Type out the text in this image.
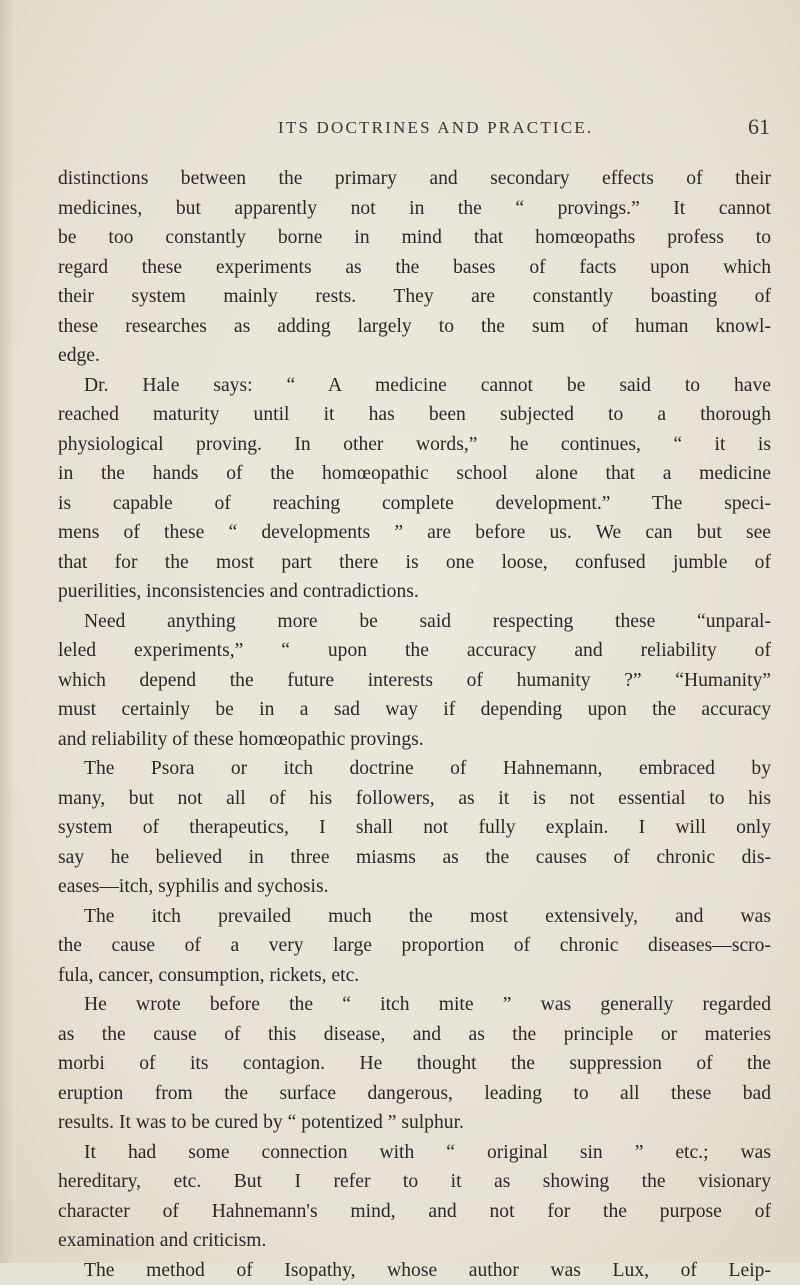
ITS DOCTRINES AND PRACTICE.	61
distinctions between the primary and secondary effects of their
medicines, but apparently not in the “ provings.” It cannot
be too constantly borne in mind that homœopaths profess to
regard these experiments as the bases of facts upon which
their system mainly rests. They are constantly boasting of
these researches as adding largely to the sum of human knowl-
edge.
Dr. Hale says: “ A medicine cannot be said to have
reached maturity until it has been subjected to a thorough
physiological proving. In other words,” he continues, “ it is
in the hands of the homœopathic school alone that a medicine
is capable of reaching complete development.” The speci-
mens of these “ developments ” are before us. We can but see
that for the most part there is one loose, confused jumble of
puerilities, inconsistencies and contradictions.
Need anything more be said respecting these “unparal-
leled experiments,” “ upon the accuracy and reliability of
which depend the future interests of humanity ?” “Humanity”
must certainly be in a sad way if depending upon the accuracy
and reliability of these homœopathic provings.
The Psora or itch doctrine of Hahnemann, embraced by
many, but not all of his followers, as it is not essential to his
system of therapeutics, I shall not fully explain. I will only
say he believed in three miasms as the causes of chronic dis-
eases—itch, syphilis and sychosis.
The itch prevailed much the most extensively, and was
the cause of a very large proportion of chronic diseases—scro-
fula, cancer, consumption, rickets, etc.
He wrote before the “ itch mite ” was generally regarded
as the cause of this disease, and as the principle or materies
morbi of its contagion. He thought the suppression of the
eruption from the surface dangerous, leading to all these bad
results. It was to be cured by “ potentized ” sulphur.
It had some connection with “ original sin ” etc.; was
hereditary, etc. But I refer to it as showing the visionary
character of Hahnemann's mind, and not for the purpose of
examination and criticism.
The method of Isopathy, whose author was Lux, of Leip-
